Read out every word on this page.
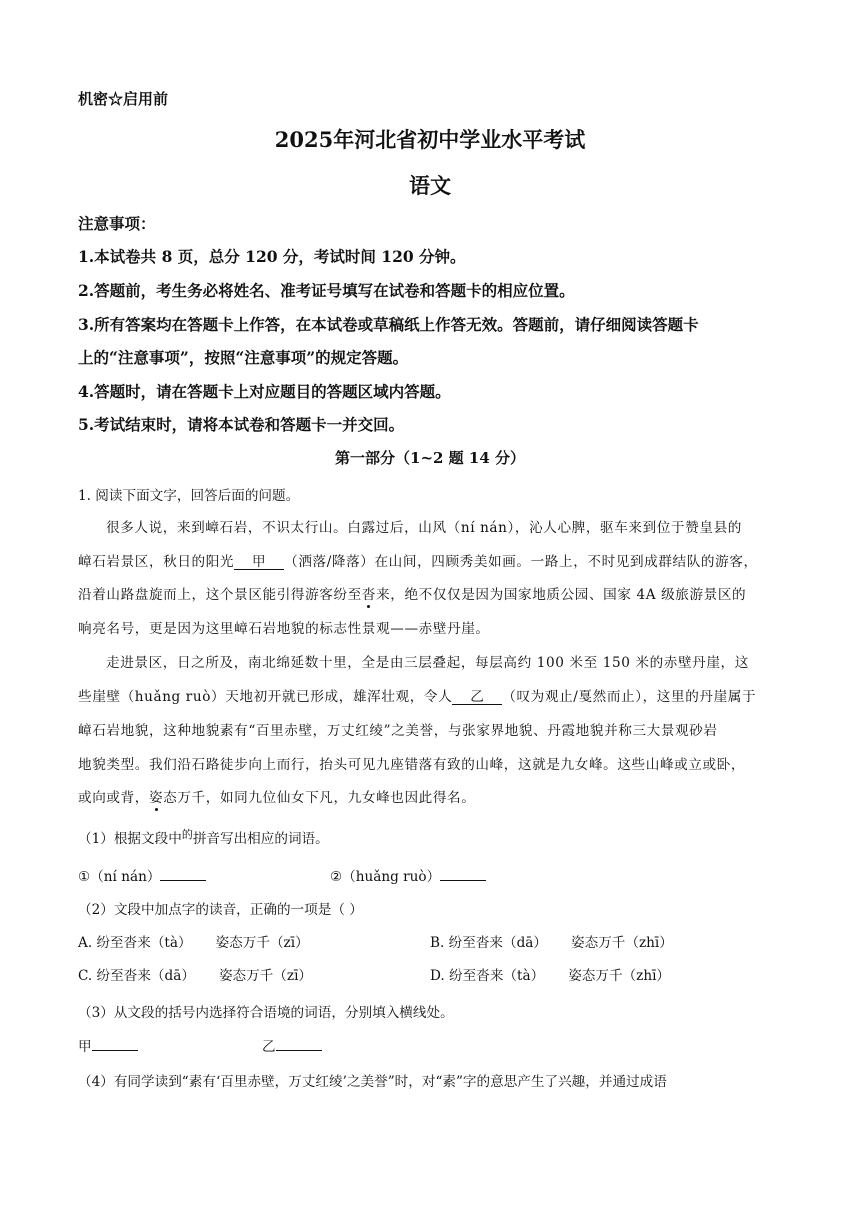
机密☆启用前
2025年河北省初中学业水平考试
语文
注意事项：
1.本试卷共 8 页，总分 120 分，考试时间 120 分钟。
2.答题前，考生务必将姓名、准考证号填写在试卷和答题卡的相应位置。
3.所有答案均在答题卡上作答，在本试卷或草稿纸上作答无效。答题前，请仔细阅读答题卡
上的“注意事项”，按照“注意事项”的规定答题。
4.答题时，请在答题卡上对应题目的答题区域内答题。
5.考试结束时，请将本试卷和答题卡一并交回。
第一部分（1~2 题 14 分）
1. 阅读下面文字，回答后面的问题。
很多人说，来到嶂石岩，不识太行山。白露过后，山风（ní nán），沁人心脾，驱车来到位于赞皇县的
嶂石岩景区，秋日的阳光 甲 （洒落/降落）在山间，四顾秀美如画。一路上，不时见到成群结队的游客，
沿着山路盘旋而上，这个景区能引得游客纷至沓来，绝不仅仅是因为国家地质公园、国家 4A 级旅游景区的
响亮名号，更是因为这里嶂石岩地貌的标志性景观——赤壁丹崖。
走进景区，日之所及，南北绵延数十里，全是由三层叠起，每层高约 100 米至 150 米的赤壁丹崖，这
些崖壁（huǎng ruò）天地初开就已形成，雄浑壮观，令人 乙 （叹为观止/戛然而止），这里的丹崖属于
嶂石岩地貌，这种地貌素有“百里赤壁，万丈红绫”之美誉，与张家界地貌、丹霞地貌并称三大景观砂岩
地貌类型。我们沿石路徒步向上而行，抬头可见九座错落有致的山峰，这就是九女峰。这些山峰或立或卧，
或向或背，姿态万千，如同九位仙女下凡，九女峰也因此得名。
（1）根据文段中$^的$拼音写出相应的词语。
①（ní nán）	②（huǎng ruò）
（2）文段中加点字的读音，正确的一项是（ ）
A. 纷至沓来（tà） 姿态万千（zī）	B. 纷至沓来（dā） 姿态万千（zhī）
C. 纷至沓来（dā） 姿态万千（zī）	D. 纷至沓来（tà） 姿态万千（zhī）
（3）从文段的括号内选择符合语境的词语，分别填入横线处。
甲	乙
（4）有同学读到“素有‘百里赤壁，万丈红绫’之美誉”时，对“素”字的意思产生了兴趣，并通过成语
